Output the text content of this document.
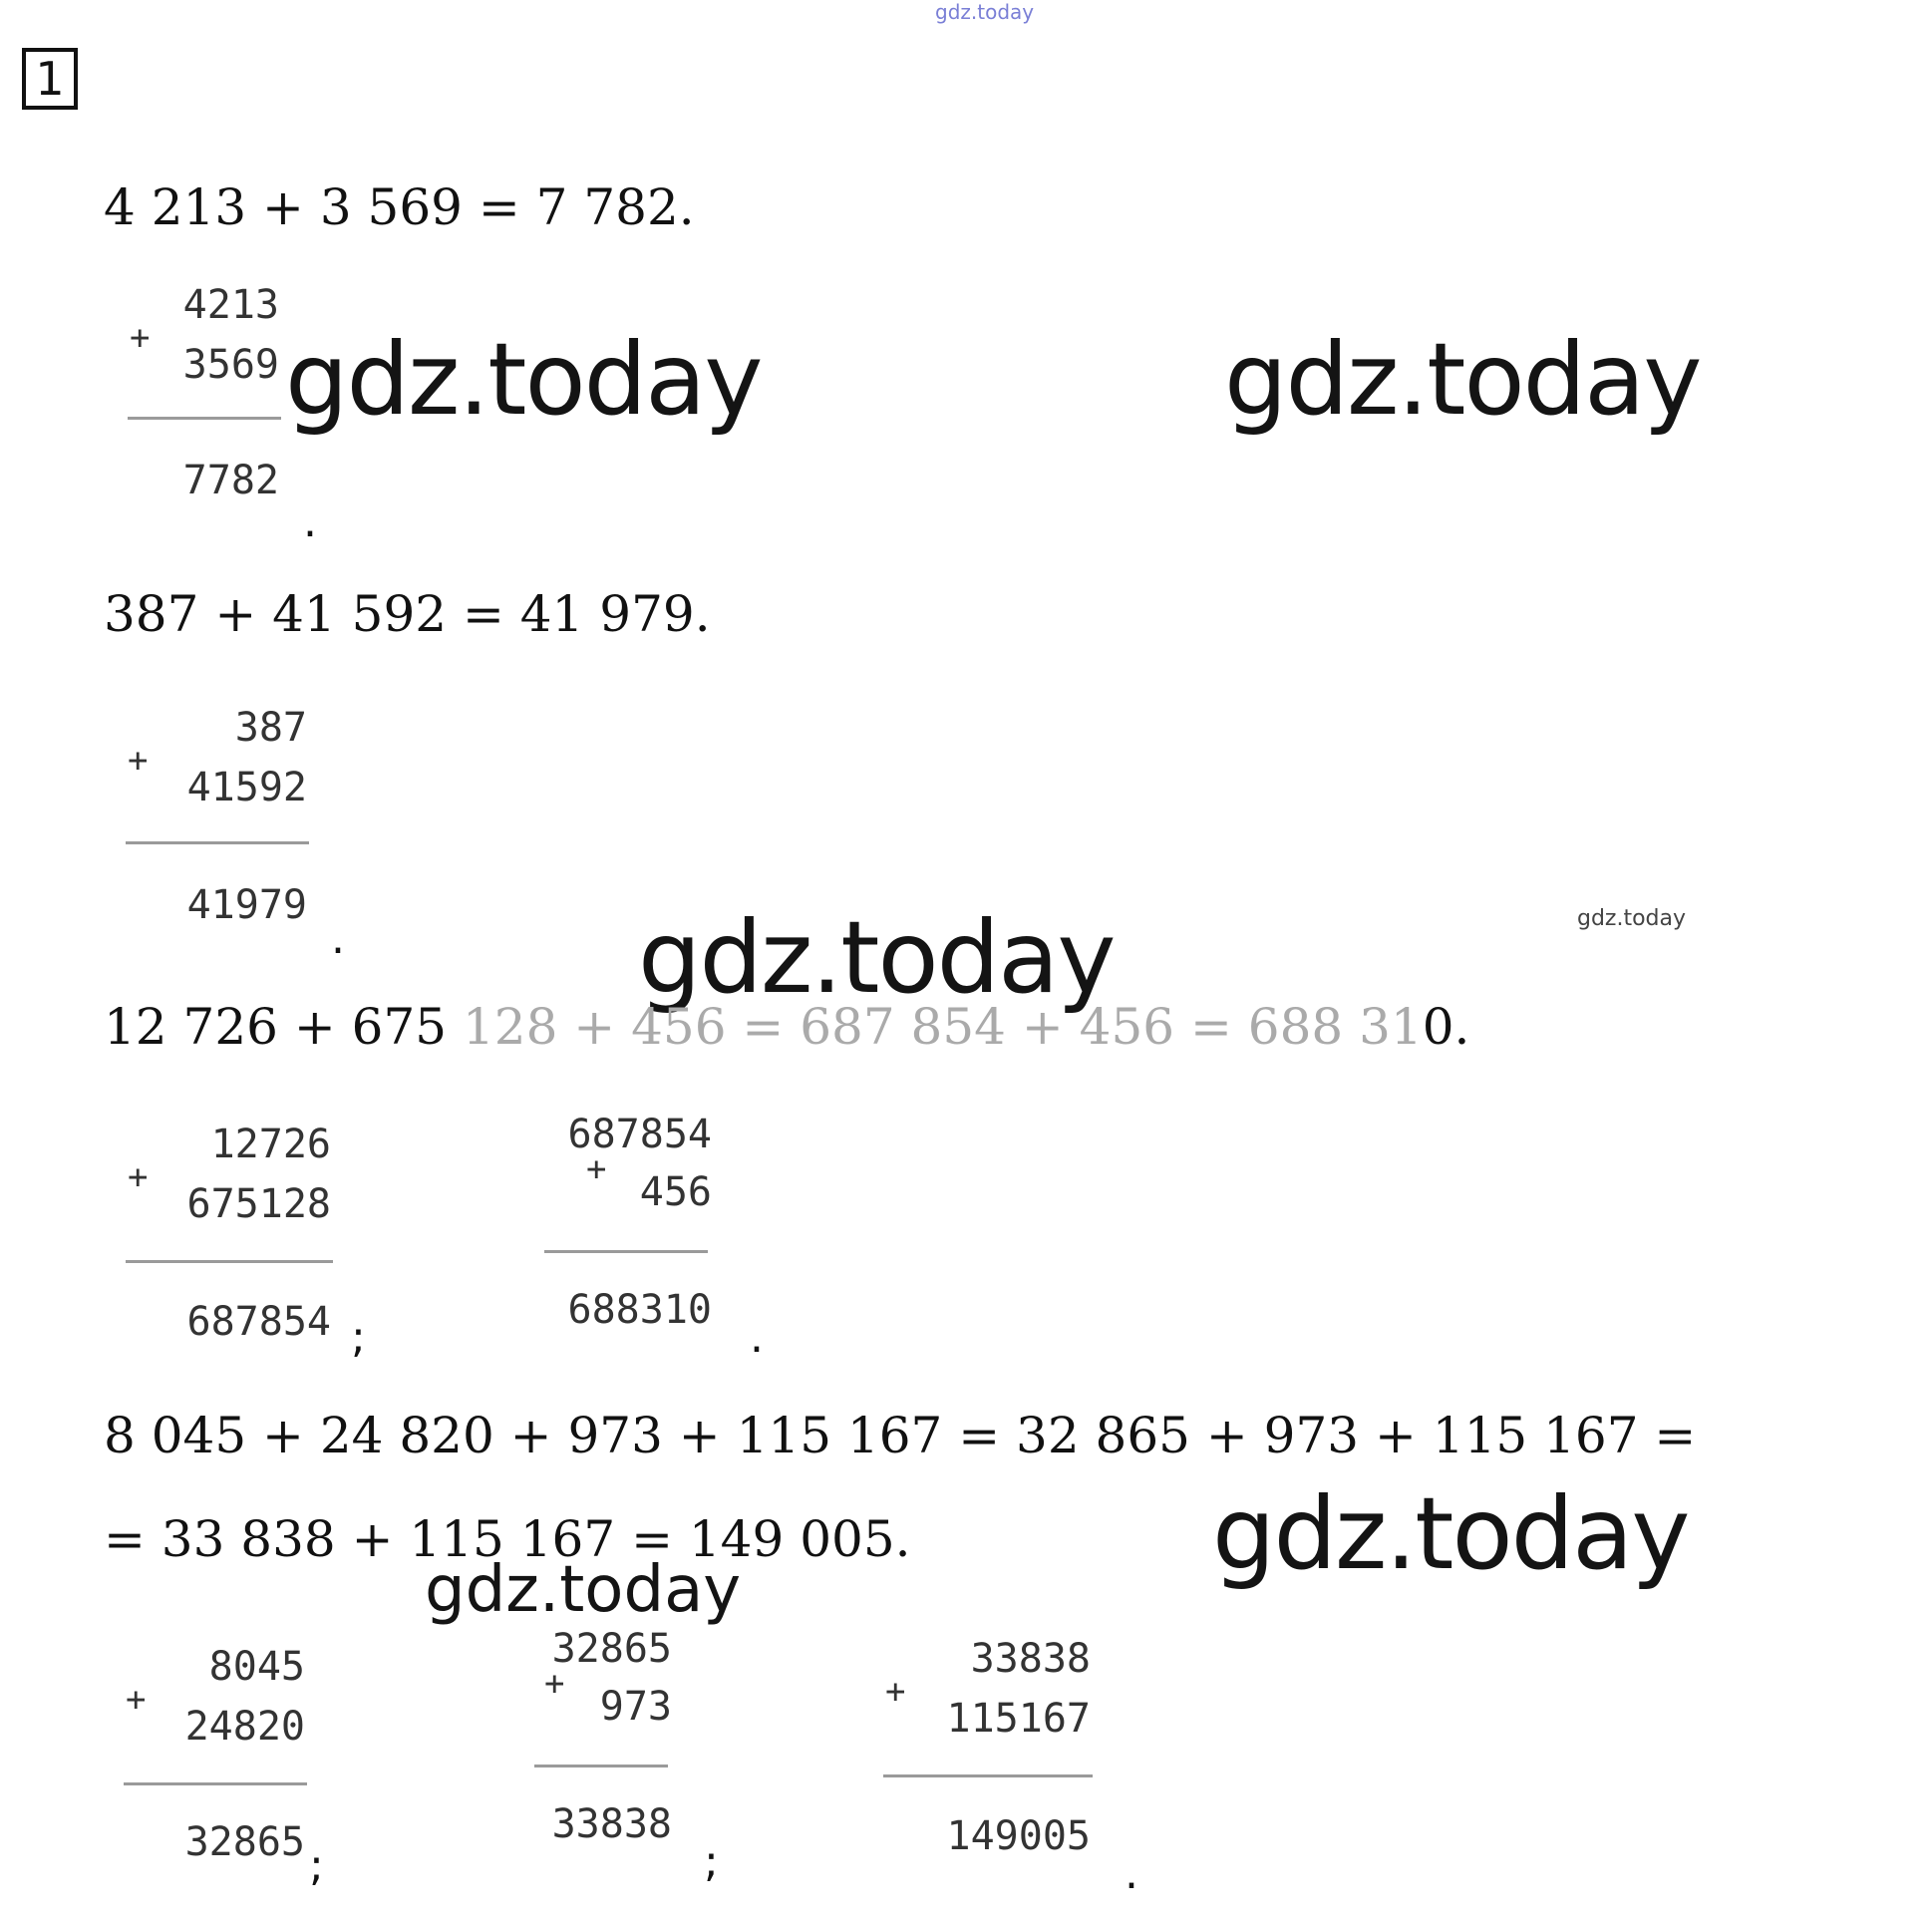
gdz.today
1
4 213 + 3 569 = 7 782.
4213
+
3569
7782
.
gdz.today	gdz.today
387 + 41 592 = 41 979.
387
+
41592
41979
.	gdz.today
gdz.today
12 726 + 675 128 + 456 = 687 854 + 456 = 688 310.
12726
+
675128
687854 ;
687854
+ 456
688310
.
8 045 + 24 820 + 973 + 115 167 = 32 865 + 973 + 115 167 =
= 33 838 + 115 167 = 149 005.	gdz.today
gdz.today
8045
+
24820
32865 ;
32865
+ 973
33838
;
33838
+
115167
149005
.
